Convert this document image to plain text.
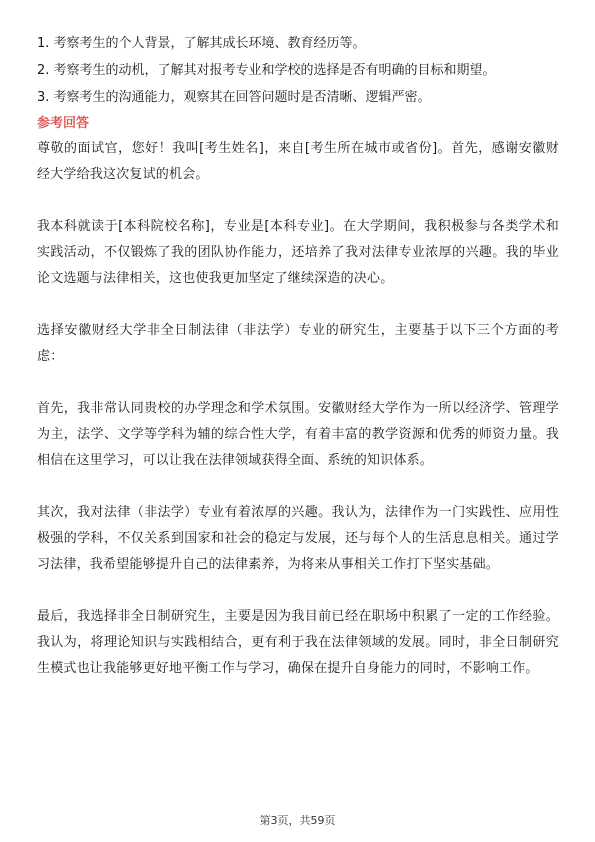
1. 考察考生的个人背景，了解其成长环境、教育经历等。

2. 考察考生的动机，了解其对报考专业和学校的选择是否有明确的目标和期望。

3. 考察考生的沟通能力，观察其在回答问题时是否清晰、逻辑严密。

参考回答

尊敬的面试官，您好！我叫[考生姓名]，来自[考生所在城市或省份]。首先，感谢安徽财经大学给我这次复试的机会。

我本科就读于[本科院校名称]，专业是[本科专业]。在大学期间，我积极参与各类学术和实践活动，不仅锻炼了我的团队协作能力，还培养了我对法律专业浓厚的兴趣。我的毕业论文选题与法律相关，这也使我更加坚定了继续深造的决心。

选择安徽财经大学非全日制法律（非法学）专业的研究生，主要基于以下三个方面的考虑：

首先，我非常认同贵校的办学理念和学术氛围。安徽财经大学作为一所以经济学、管理学为主，法学、文学等学科为辅的综合性大学，有着丰富的教学资源和优秀的师资力量。我相信在这里学习，可以让我在法律领域获得全面、系统的知识体系。

其次，我对法律（非法学）专业有着浓厚的兴趣。我认为，法律作为一门实践性、应用性极强的学科，不仅关系到国家和社会的稳定与发展，还与每个人的生活息息相关。通过学习法律，我希望能够提升自己的法律素养，为将来从事相关工作打下坚实基础。

最后，我选择非全日制研究生，主要是因为我目前已经在职场中积累了一定的工作经验。我认为，将理论知识与实践相结合，更有利于我在法律领域的发展。同时，非全日制研究生模式也让我能够更好地平衡工作与学习，确保在提升自身能力的同时，不影响工作。

第3页，共59页
